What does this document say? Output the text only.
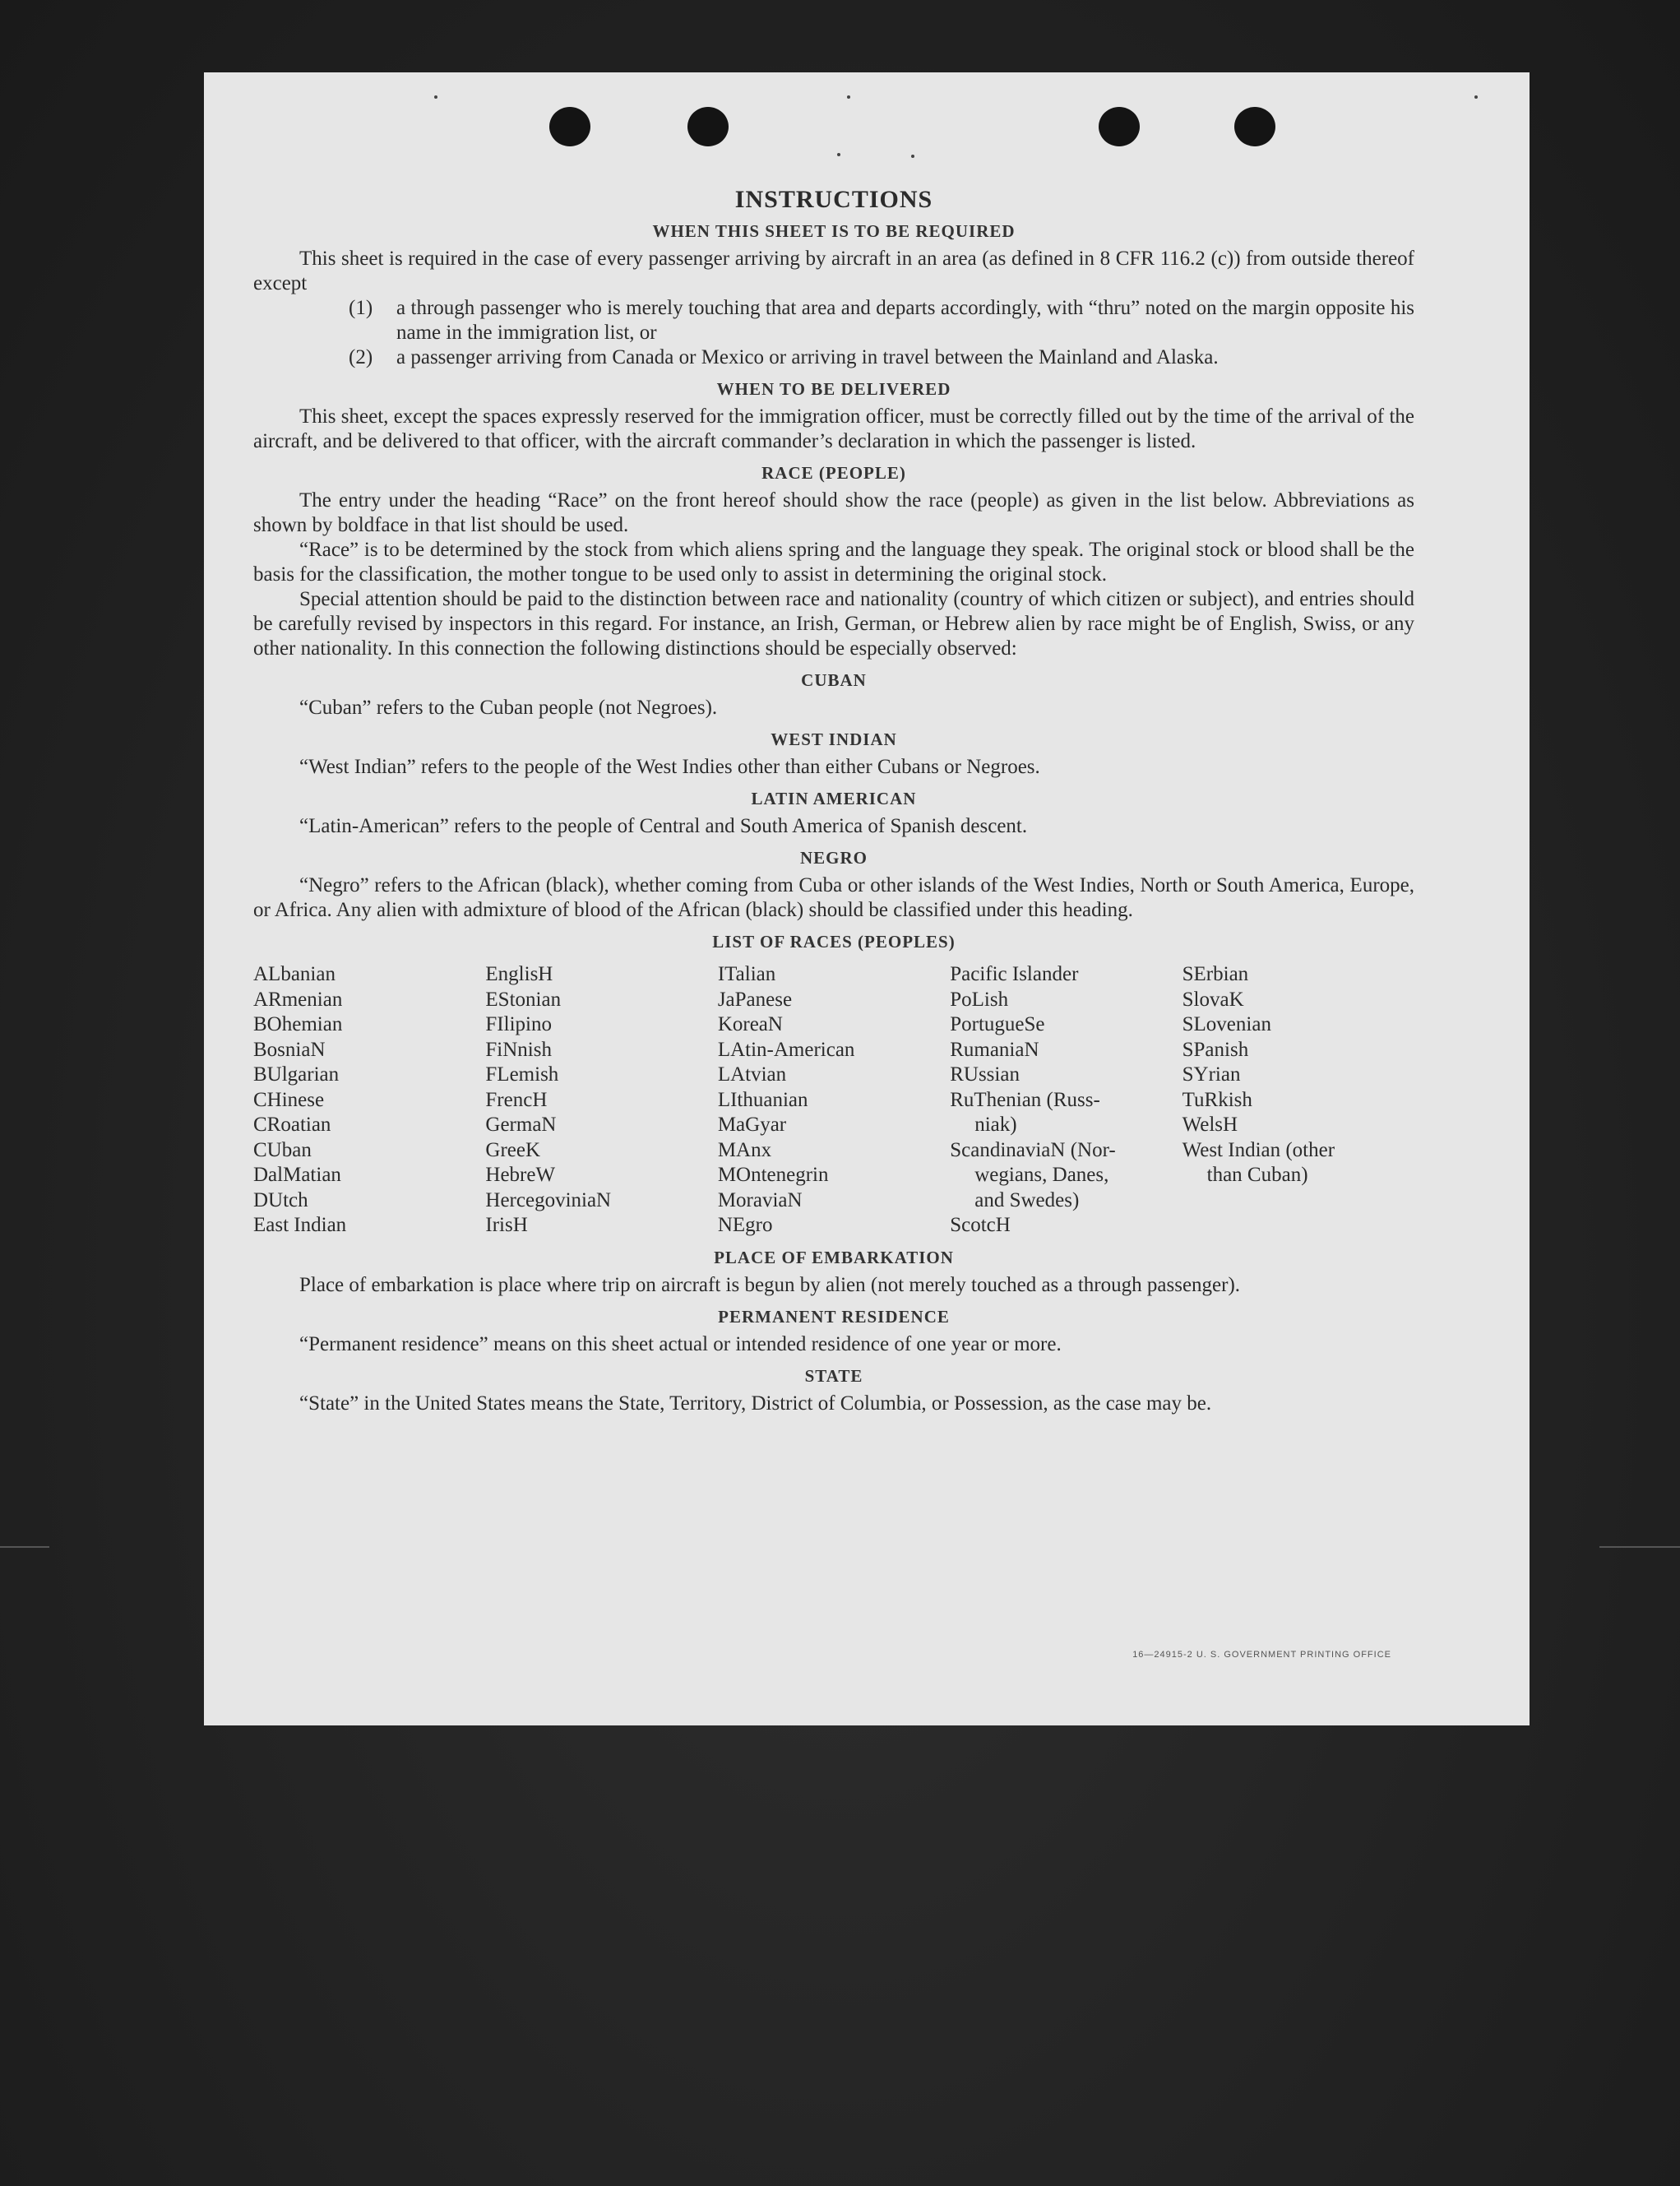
INSTRUCTIONS
WHEN THIS SHEET IS TO BE REQUIRED

This sheet is required in the case of every passenger arriving by aircraft in an area (as defined in 8 CFR 116.2 (c)) from outside thereof except

(1)	a through passenger who is merely touching that area and departs accordingly, with “thru” noted on the margin opposite his name in the immigration list, or
(2)	a passenger arriving from Canada or Mexico or arriving in travel between the Mainland and Alaska.
WHEN TO BE DELIVERED

This sheet, except the spaces expressly reserved for the immigration officer, must be correctly filled out by the time of the arrival of the aircraft, and be delivered to that officer, with the aircraft commander’s declaration in which the passenger is listed.

RACE (PEOPLE)

The entry under the heading “Race” on the front hereof should show the race (people) as given in the list below. Abbreviations as shown by boldface in that list should be used.

“Race” is to be determined by the stock from which aliens spring and the language they speak. The original stock or blood shall be the basis for the classification, the mother tongue to be used only to assist in determining the original stock.

Special attention should be paid to the distinction between race and nationality (country of which citizen or subject), and entries should be carefully revised by inspectors in this regard. For instance, an Irish, German, or Hebrew alien by race might be of English, Swiss, or any other nationality. In this connection the following distinctions should be especially observed:

CUBAN

“Cuban” refers to the Cuban people (not Negroes).

WEST INDIAN

“West Indian” refers to the people of the West Indies other than either Cubans or Negroes.

LATIN AMERICAN

“Latin-American” refers to the people of Central and South America of Spanish descent.

NEGRO

“Negro” refers to the African (black), whether coming from Cuba or other islands of the West Indies, North or South America, Europe, or Africa. Any alien with admixture of blood of the African (black) should be classified under this heading.

LIST OF RACES (PEOPLES)
ALbanian
ARmenian
BOhemian
BosniaN
BUlgarian
CHinese
CRoatian
CUban
DalMatian
DUtch
East Indian
EnglisH
EStonian
FIlipino
FiNnish
FLemish
FrencH
GermaN
GreeK
HebreW
HercegoviniaN
IrisH
ITalian
JaPanese
KoreaN
LAtin-American
LAtvian
LIthuanian
MaGyar
MAnx
MOntenegrin
MoraviaN
NEgro
Pacific Islander
PoLish
PortugueSe
RumaniaN
RUssian
RuThenian (Russ-
niak)
ScandinaviaN (Nor-
wegians, Danes,
and Swedes)
ScotcH
SErbian
SlovaK
SLovenian
SPanish
SYrian
TuRkish
WelsH
West Indian (other
than Cuban)
PLACE OF EMBARKATION

Place of embarkation is place where trip on aircraft is begun by alien (not merely touched as a through passenger).

PERMANENT RESIDENCE

“Permanent residence” means on this sheet actual or intended residence of one year or more.

STATE

“State” in the United States means the State, Territory, District of Columbia, or Possession, as the case may be.

16—24915-2 U. S. GOVERNMENT PRINTING OFFICE
